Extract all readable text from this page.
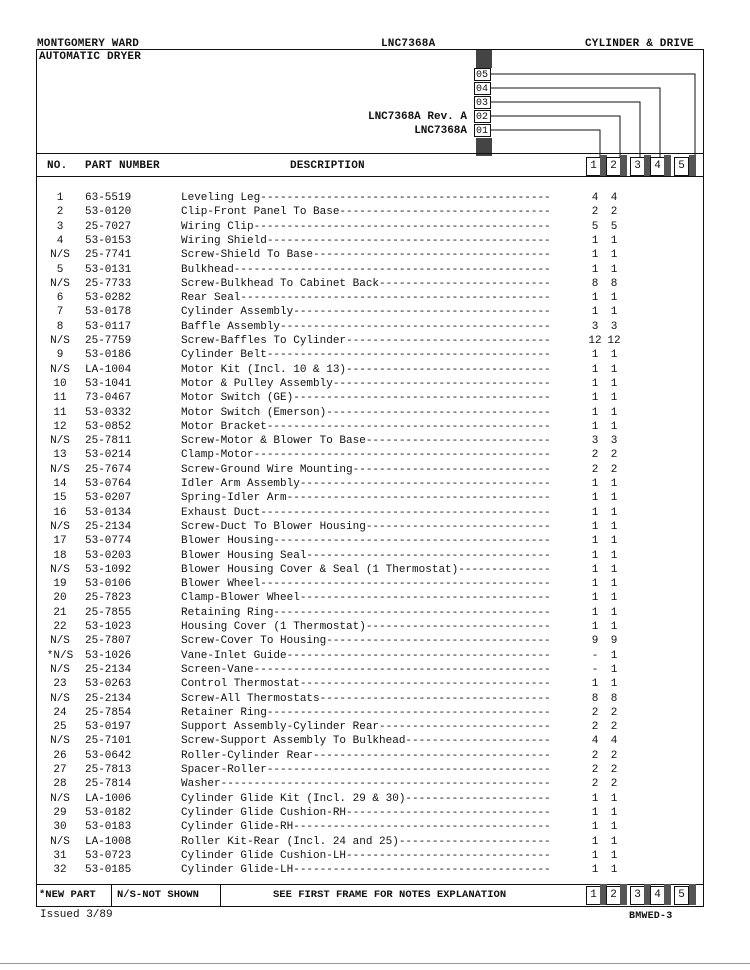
MONTGOMERY WARD	LNC7368A	CYLINDER & DRIVE
AUTOMATIC DRYER
05
04
03
02
01
LNC7368A Rev. A
LNC7368A
NO. PART NUMBER	DESCRIPTION	1	2	3	4	5
1	63-5519	Leveling Leg--------------------------------------------	4	4
2	53-0120	Clip-Front Panel To Base--------------------------------	2	2
3	25-7027	Wiring Clip---------------------------------------------	5	5
4	53-0153	Wiring Shield-------------------------------------------	1	1
N/S	25-7741	Screw-Shield To Base------------------------------------	1	1
5	53-0131	Bulkhead------------------------------------------------	1	1
N/S	25-7733	Screw-Bulkhead To Cabinet Back--------------------------	8	8
6	53-0282	Rear Seal-----------------------------------------------	1	1
7	53-0178	Cylinder Assembly---------------------------------------	1	1
8	53-0117	Baffle Assembly-----------------------------------------	3	3
N/S	25-7759	Screw-Baffles To Cylinder-------------------------------	12 12
9	53-0186	Cylinder Belt-------------------------------------------	1	1
N/S	LA-1004	Motor Kit (Incl. 10 & 13)-------------------------------	1	1
10	53-1041	Motor & Pulley Assembly---------------------------------	1	1
11	73-0467	Motor Switch (GE)---------------------------------------	1	1
11	53-0332	Motor Switch (Emerson)----------------------------------	1	1
12	53-0852	Motor Bracket-------------------------------------------	1	1
N/S	25-7811	Screw-Motor & Blower To Base----------------------------	3	3
13	53-0214	Clamp-Motor---------------------------------------------	2	2
N/S	25-7674	Screw-Ground Wire Mounting------------------------------	2	2
14	53-0764	Idler Arm Assembly--------------------------------------	1	1
15	53-0207	Spring-Idler Arm----------------------------------------	1	1
16	53-0134	Exhaust Duct--------------------------------------------	1	1
N/S	25-2134	Screw-Duct To Blower Housing----------------------------	1	1
17	53-0774	Blower Housing------------------------------------------	1	1
18	53-0203	Blower Housing Seal-------------------------------------	1	1
N/S	53-1092	Blower Housing Cover & Seal (1 Thermostat)--------------	1	1
19	53-0106	Blower Wheel--------------------------------------------	1	1
20	25-7823	Clamp-Blower Wheel--------------------------------------	1	1
21	25-7855	Retaining Ring------------------------------------------	1	1
22	53-1023	Housing Cover (1 Thermostat)----------------------------	1	1
N/S	25-7807	Screw-Cover To Housing----------------------------------	9	9
*N/S	53-1026	Vane-Inlet Guide----------------------------------------	-	1
N/S	25-2134	Screen-Vane---------------------------------------------	-	1
23	53-0263	Control Thermostat--------------------------------------	1	1
N/S	25-2134	Screw-All Thermostats-----------------------------------	8	8
24	25-7854	Retainer Ring-------------------------------------------	2	2
25	53-0197	Support Assembly-Cylinder Rear--------------------------	2	2
N/S	25-7101	Screw-Support Assembly To Bulkhead----------------------	4	4
26	53-0642	Roller-Cylinder Rear------------------------------------	2	2
27	25-7813	Spacer-Roller-------------------------------------------	2	2
28	25-7814	Washer--------------------------------------------------	2	2
N/S	LA-1006	Cylinder Glide Kit (Incl. 29 & 30)----------------------	1	1
29	53-0182	Cylinder Glide Cushion-RH-------------------------------	1	1
30	53-0183	Cylinder Glide-RH---------------------------------------	1	1
N/S	LA-1008	Roller Kit-Rear (Incl. 24 and 25)-----------------------	1	1
31	53-0723	Cylinder Glide Cushion-LH-------------------------------	1	1
32	53-0185	Cylinder Glide-LH---------------------------------------	1	1
*NEW PART N/S-NOT SHOWN	SEE FIRST FRAME FOR NOTES EXPLANATION	1	2	3	4	5
Issued 3/89	BMWED-3
